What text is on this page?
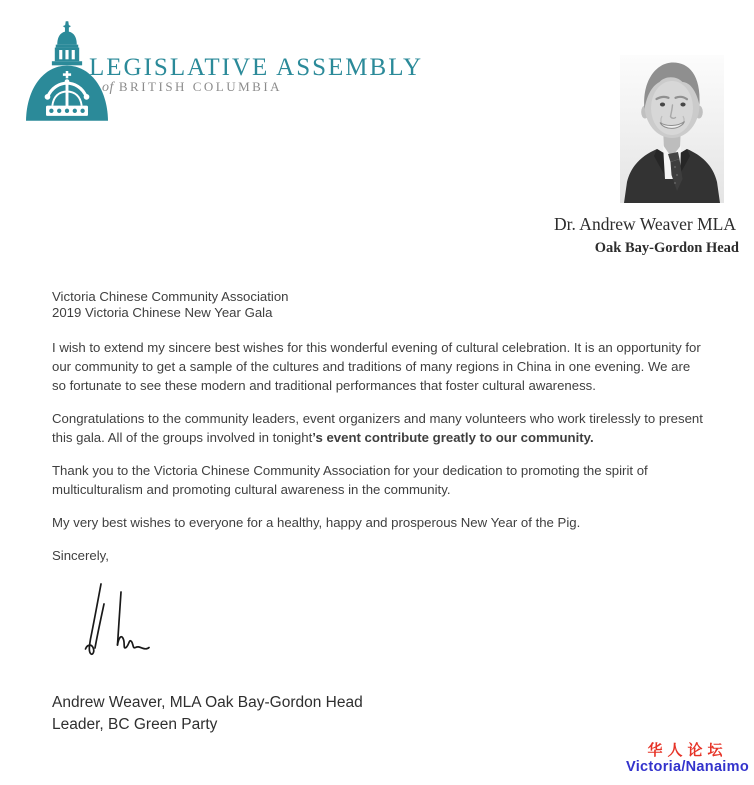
LEGISLATIVE ASSEMBLY
of BRITISH COLUMBIA
Dr. Andrew Weaver MLA
Oak Bay-Gordon Head
Victoria Chinese Community Association
2019 Victoria Chinese New Year Gala

I wish to extend my sincere best wishes for this wonderful evening of cultural celebration. It is an opportunity for our community to get a sample of the cultures and traditions of many regions in China in one evening. We are so fortunate to see these modern and traditional performances that foster cultural awareness.

Congratulations to the community leaders, event organizers and many volunteers who work tirelessly to present this gala. All of the groups involved in tonight’s event contribute greatly to our community.

Thank you to the Victoria Chinese Community Association for your dedication to promoting the spirit of multiculturalism and promoting cultural awareness in the community.

My very best wishes to everyone for a healthy, happy and prosperous New Year of the Pig.

Sincerely,

Andrew Weaver, MLA Oak Bay-Gordon Head
Leader, BC Green Party
华人论坛
Victoria/Nanaimo
